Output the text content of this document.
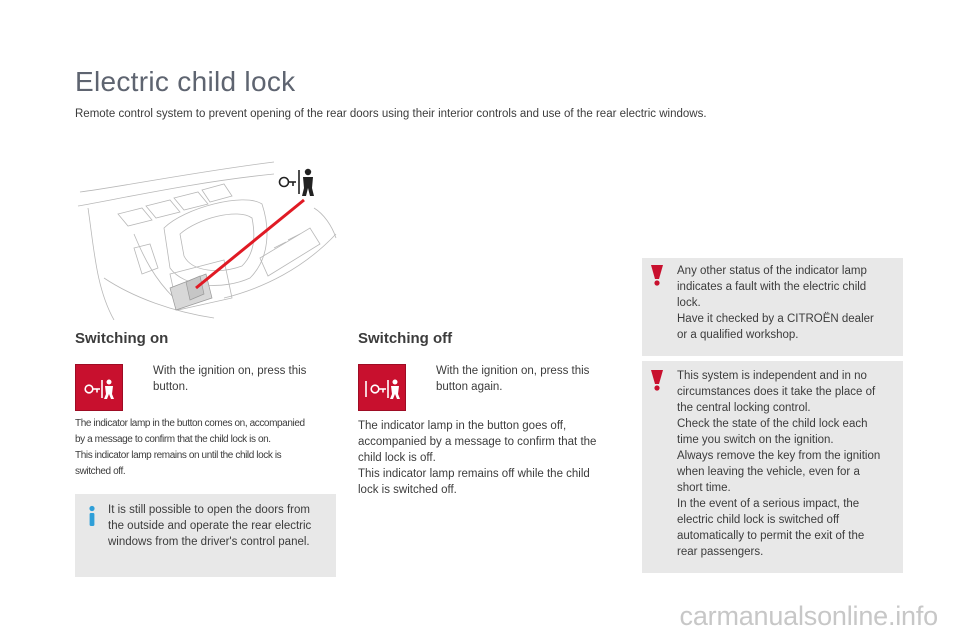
Electric child lock
Remote control system to prevent opening of the rear doors using their interior controls and use of the rear electric windows.
Switching on
With the ignition on, press this
button.
The indicator lamp in the button comes on, accompanied
by a message to confirm that the child lock is on.
This indicator lamp remains on until the child lock is
switched off.
It is still possible to open the doors from
the outside and operate the rear electric
windows from the driver's control panel.
Switching off
With the ignition on, press this
button again.
The indicator lamp in the button goes off,
accompanied by a message to confirm that the
child lock is off.
This indicator lamp remains off while the child
lock is switched off.
Any other status of the indicator lamp
indicates a fault with the electric child
lock.
Have it checked by a CITROËN dealer
or a qualified workshop.
This system is independent and in no
circumstances does it take the place of
the central locking control.
Check the state of the child lock each
time you switch on the ignition.
Always remove the key from the ignition
when leaving the vehicle, even for a
short time.
In the event of a serious impact, the
electric child lock is switched off
automatically to permit the exit of the
rear passengers.
carmanualsonline.info
